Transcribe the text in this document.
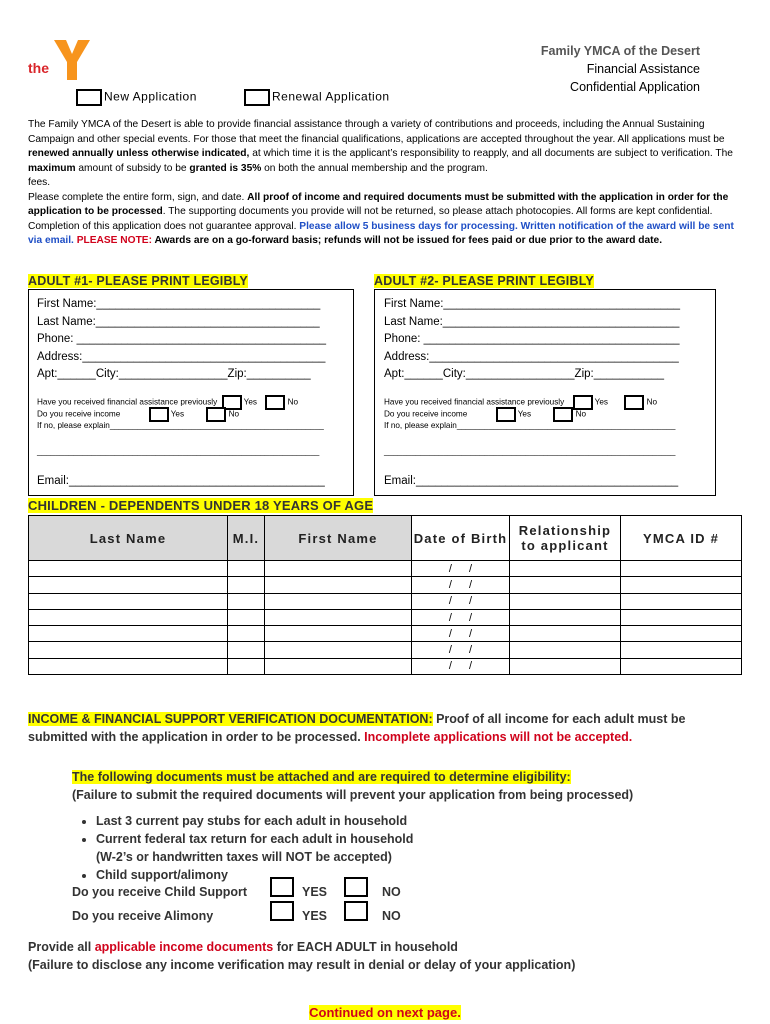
the
Family YMCA of the Desert
Financial Assistance
Confidential Application
New Application	Renewal Application

The Family YMCA of the Desert is able to provide financial assistance through a variety of contributions and proceeds, including the Annual Sustaining Campaign and other special events. For those that meet the financial qualifications, applications are accepted throughout the year. All applications must be renewed annually unless otherwise indicated, at which time it is the applicant’s responsibility to reapply, and all documents are subject to verification. The maximum amount of subsidy to be granted is 35% on both the annual membership and the program.

fees.

Please complete the entire form, sign, and date. All proof of income and required documents must be submitted with the application in order for the application to be processed. The supporting documents you provide will not be returned, so please attach photocopies. All forms are kept confidential. Completion of this application does not guarantee approval. Please allow 5 business days for processing. Written notification of the award will be sent via email. PLEASE NOTE: Awards are on a go-forward basis; refunds will not be issued for fees paid or due prior to the award date.

ADULT #1- PLEASE PRINT LEGIBLY
First Name:___________________________________
Last Name:___________________________________
Phone: _______________________________________
Address:______________________________________
Apt:______City:_________________Zip:__________
Have you received financial assistance previously	Yes	No
Do you receive income	Yes	No
If no, please explain_______________________________________________
______________________________________________________________
Email:________________________________________
ADULT #2- PLEASE PRINT LEGIBLY
First Name:_____________________________________
Last Name:_____________________________________
Phone: ________________________________________
Address:_______________________________________
Apt:______City:_________________Zip:___________
Have you received financial assistance previously	Yes	No
Do you receive income	Yes	No
If no, please explain________________________________________________
________________________________________________________________
Email:_________________________________________
CHILDREN - DEPENDENTS UNDER 18 YEARS OF AGE
Last Name	M.I.	First Name	Date of Birth	Relationship to applicant	YMCA ID #
			/ /		
			/ /		
			/ /		
			/ /		
			/ /		
			/ /		
			/ /		
INCOME & FINANCIAL SUPPORT VERIFICATION DOCUMENTATION: Proof of all income for each adult must be submitted with the application in order to be processed. Incomplete applications will not be accepted.
The following documents must be attached and are required to determine eligibility:
(Failure to submit the required documents will prevent your application from being processed)
• Last 3 current pay stubs for each adult in household
• Current federal tax return for each adult in household
(W-2’s or handwritten taxes will NOT be accepted)
• Child support/alimony
Do you receive Child Support	YES	NO
Do you receive Alimony	YES	NO
Provide all applicable income documents for EACH ADULT in household
(Failure to disclose any income verification may result in denial or delay of your application)
Continued on next page.
